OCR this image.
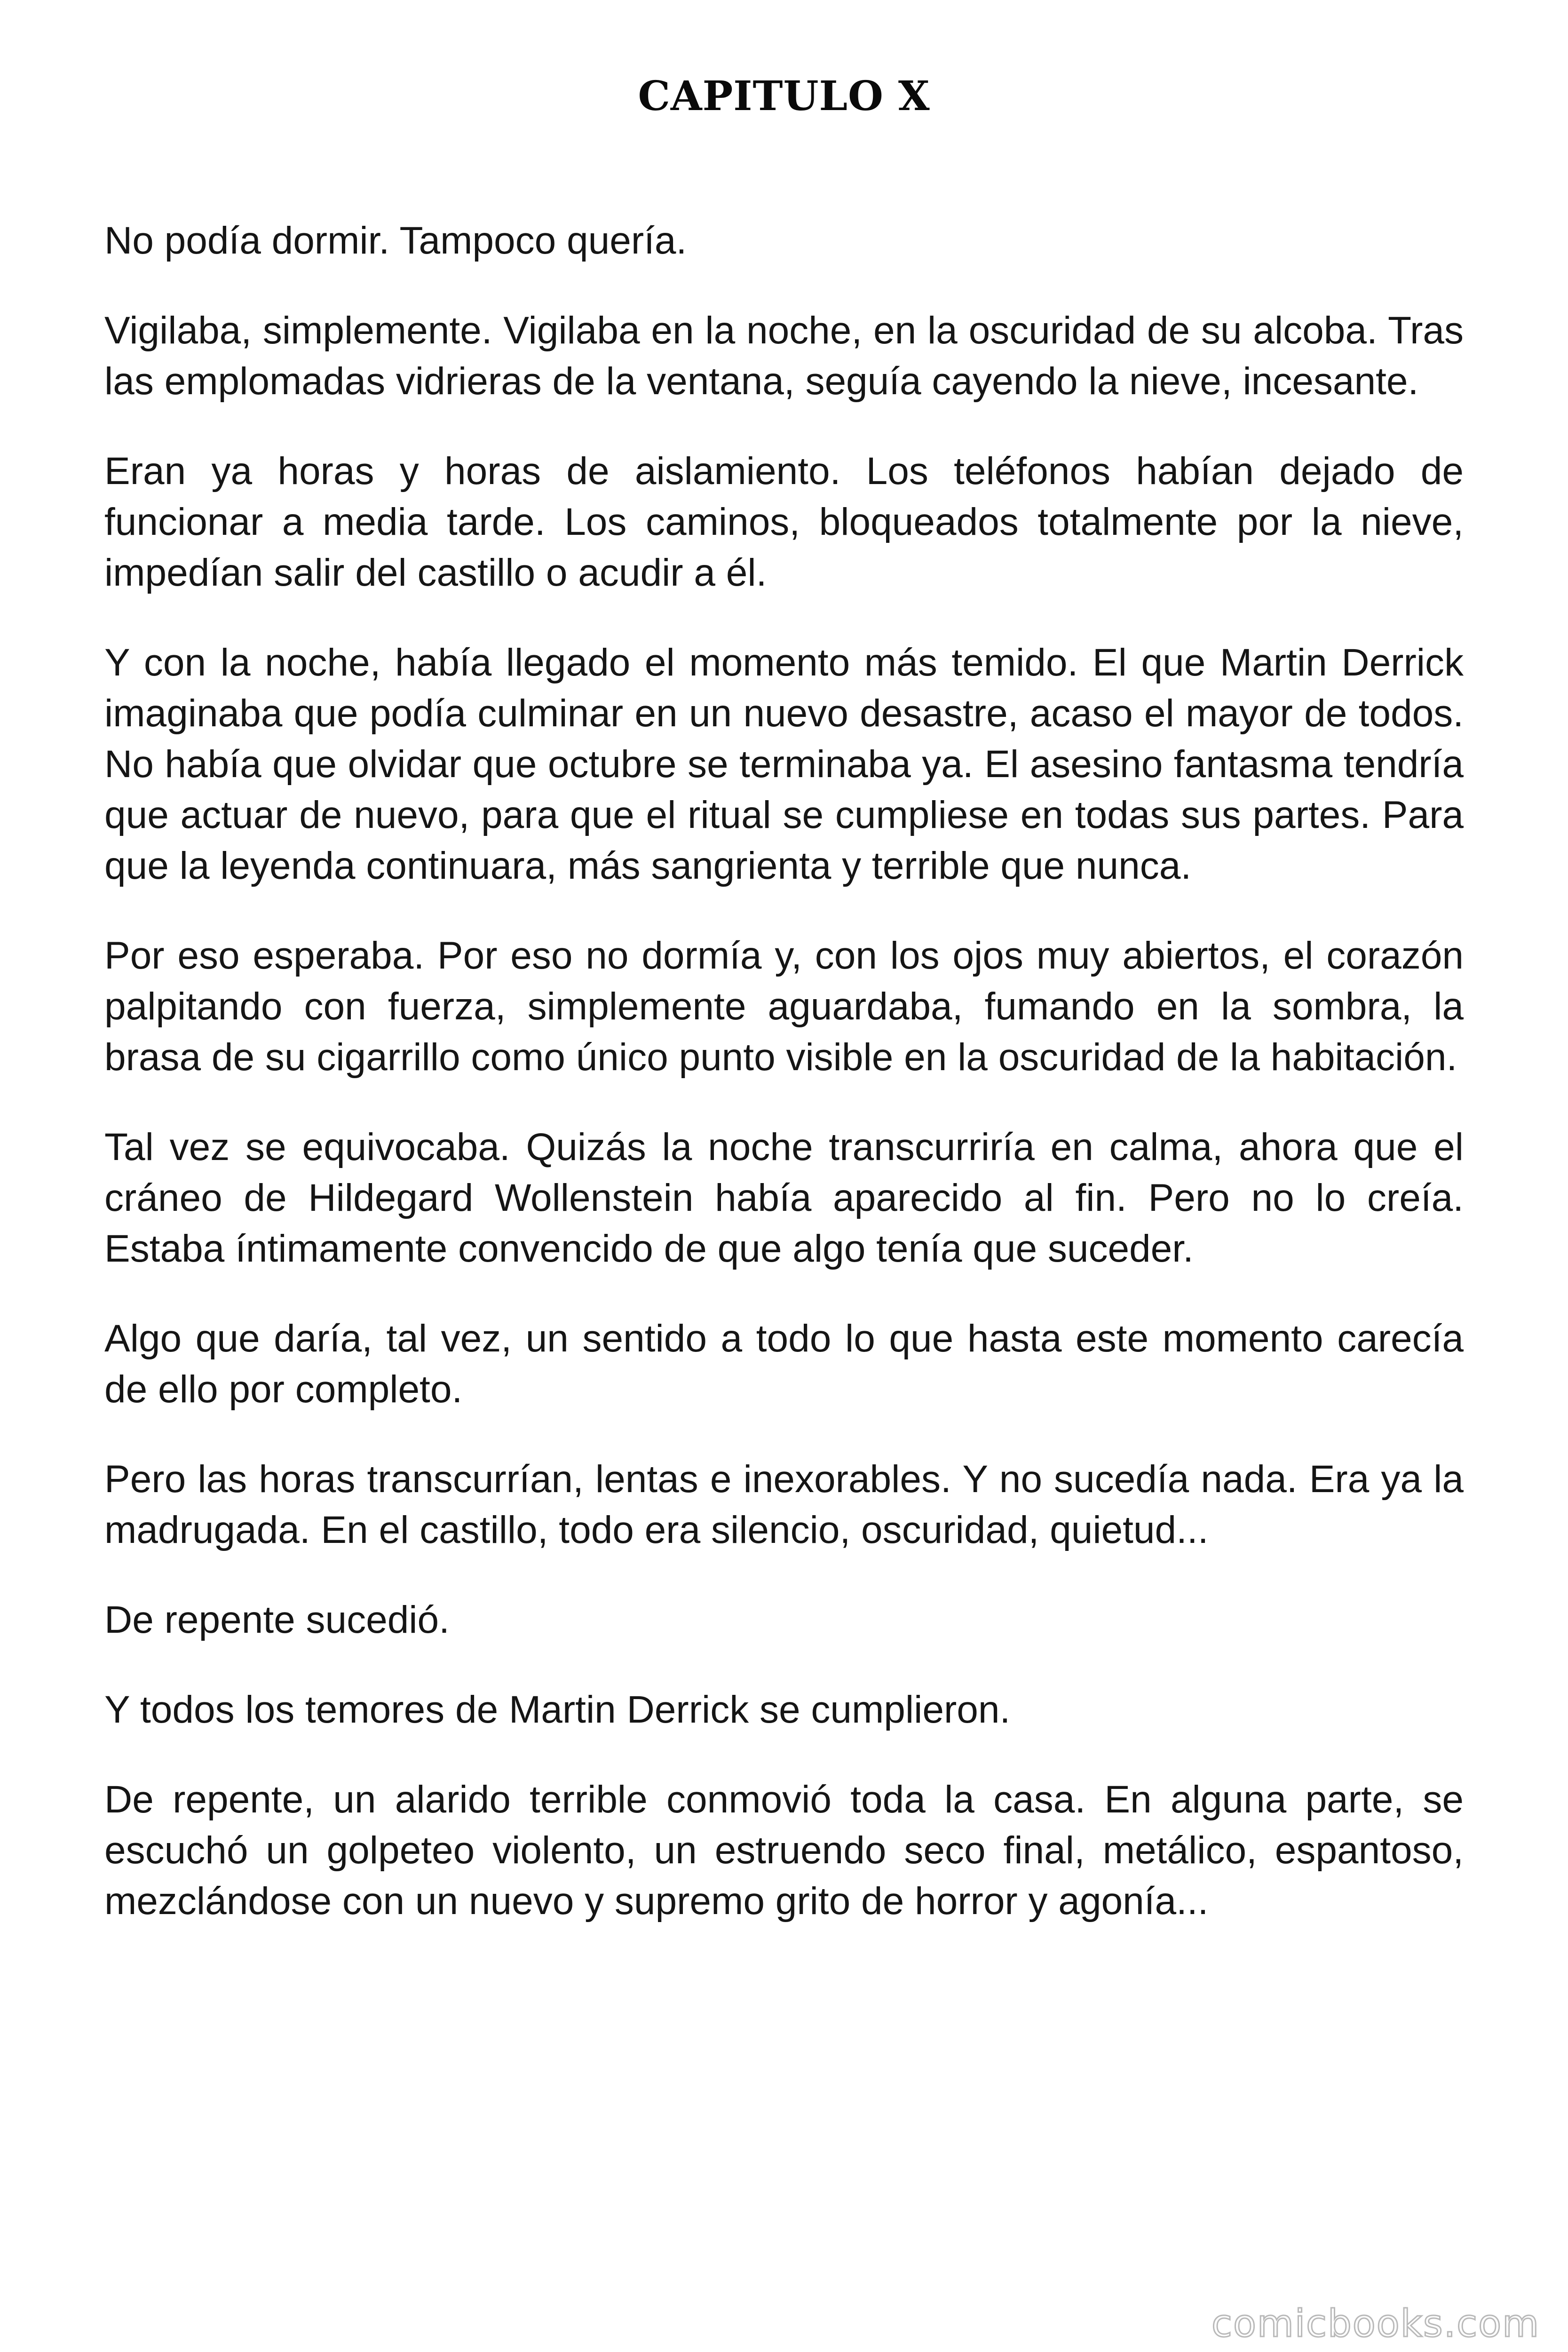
CAPITULO X

No podía dormir. Tampoco quería.

Vigilaba, simplemente. Vigilaba en la noche, en la oscuridad de su alcoba. Tras las emplomadas vidrieras de la ventana, seguía cayendo la nieve, incesante.

Eran ya horas y horas de aislamiento. Los teléfonos habían dejado de funcionar a media tarde. Los caminos, bloqueados totalmente por la nieve, impedían salir del castillo o acudir a él.

Y con la noche, había llegado el momento más temido. El que Martin Derrick imaginaba que podía culminar en un nuevo desastre, acaso el mayor de todos. No había que olvidar que octubre se terminaba ya. El asesino fantasma tendría que actuar de nuevo, para que el ritual se cumpliese en todas sus partes. Para que la leyenda continuara, más sangrienta y terrible que nunca.

Por eso esperaba. Por eso no dormía y, con los ojos muy abiertos, el corazón palpitando con fuerza, simplemente aguardaba, fumando en la sombra, la brasa de su cigarrillo como único punto visible en la oscuridad de la habitación.

Tal vez se equivocaba. Quizás la noche transcurriría en calma, ahora que el cráneo de Hildegard Wollenstein había aparecido al fin. Pero no lo creía. Estaba íntimamente convencido de que algo tenía que suceder.

Algo que daría, tal vez, un sentido a todo lo que hasta este momento carecía de ello por completo.

Pero las horas transcurrían, lentas e inexorables. Y no sucedía nada. Era ya la madrugada. En el castillo, todo era silencio, oscuridad, quietud...

De repente sucedió.

Y todos los temores de Martin Derrick se cumplieron.

De repente, un alarido terrible conmovió toda la casa. En alguna parte, se escuchó un golpeteo violento, un estruendo seco final, metálico, espantoso, mezclándose con un nuevo y supremo grito de horror y agonía...

comicbooks.com
